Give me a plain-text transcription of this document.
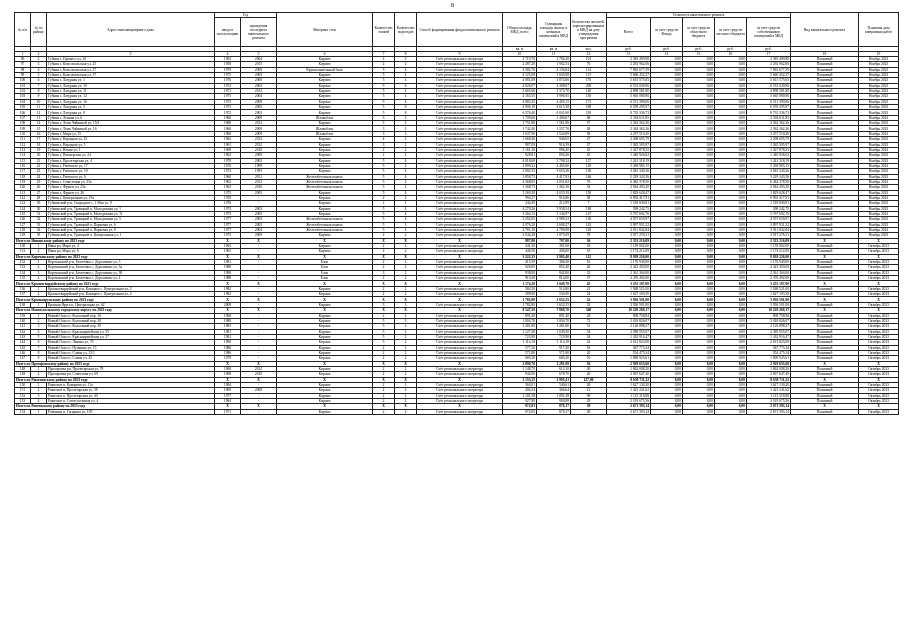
8
№ п/п	№ по району	Адрес многоквартирного дома	Год		Материал стен	Количество этажей	Количество подъездов	Способ формирования фонда капитального ремонта	Общая площадь МКД, всего	Суммарная площадь жилых и нежилых помещений в МКД	Количество жителей, зарегистрированных в МКД на дату утверждения программы	Стоимость капитального ремонта					Вид капитального ремонта	Плановая дата завершения работ
			ввода в эксплуатацию	проведения последнего капитального ремонта								Всего:	за счет средств Фонда	за счет средств областного бюджета	за счет средств местного бюджета	за счет средств собственников помещений в МКД		
									кв. м	кв. м	чел.	руб.	руб.	руб.	руб.	руб.		
1	2	3	4	5	6	7	8	9	10	11	12	13	14	15	16	17	18	19
96	2	Губкин г, Горького ул, 26	1963	2004	Кирпич	4	3	Счёт регионального оператора	2 719,70	1 784,20	101	2 383 499,88	0,00	0,00	0,00	2 383 499,88	Плановый	Ноябрь 2023
97	3	Губкин г, Комсомольская ул, 25	1958	2015	Кирпич	2	2	Счёт регионального оператора	2 497,28	1 902,53	76	2 292 962,06	0,00	0,00	0,00	2 292 962,06	Плановый	Ноябрь 2023
98	4	Губкин г, Комсомольская ул, 27	1979	2009	Крупнопанельный блок	5	4	Счёт регионального оператора	4 582,76	4 136,84	114	7 965 677,59	0,00	0,00	0,00	7 965 677,59	Плановый	Ноябрь 2023
99	5	Губкин г, Комсомольская ул, 37	1975	2003	Кирпич	5	4	Счёт регионального оператора	4 125,08	3 845,88	115	5 660 452,37	0,00	0,00	0,00	5 660 452,37	Плановый	Ноябрь 2023
100	6	Губкин г, Лазурная ул, 1	1976	2000	Кирпич	5	4	Счёт регионального оператора	4 081,08	3 874,60	170	5 615 575,05	0,00	0,00	0,00	5 615 575,05	Плановый	Ноябрь 2023
101	7	Губкин г, Лазурная ул, 10	1972	2002	Кирпич	5	6	Счёт регионального оператора	4 826,97	4 308,07	200	6 533 049,96	0,00	0,00	0,00	6 533 049,96	Плановый	Ноябрь 2023
102	8	Губкин г, Лазурная ул, 11	1971	2012	Кирпич	5	4	Счёт регионального оператора	3 665,60	3 374,70	140	4 898 581,80	0,00	0,00	0,00	4 898 581,80	Плановый	Ноябрь 2023
103	9	Губкин г, Лазурная ул, 12	1975	2004	Кирпич	5	4	Счёт регионального оператора	4 165,55	3 996,95	130	5 665 080,90	0,00	0,00	0,00	5 665 080,90	Плановый	Ноябрь 2023
104	10	Губкин г, Лазурная ул, 16	1973	2009	Кирпич	5	4	Счёт регионального оператора	4 883,25	4 405,15	172	6 511 399,06	0,00	0,00	0,00	6 511 399,06	Плановый	Ноябрь 2023
105	11	Губкин г, Лазурная ул, 3	1975	2005	Кирпич	5	6	Счёт регионального оператора	4 906,18	4 615,38	188	6 559 295,97	0,00	0,00	0,00	6 559 295,97	Плановый	Ноябрь 2023
106	12	Губкин г, Лазурная ул, 8	1972	2003	Кирпич	5	8	Счёт регионального оператора	6 576,40	6 041,60	218	8 735 336,73	0,00	0,00	0,00	8 735 336,73	Плановый	Ноябрь 2023
107	13	Губкин г, Ленина ул, 6	1960	2009	Шлакоблок	3	2	Счёт регионального оператора	1 709,60	1 400,67	68	2 304 611,85	0,00	0,00	0,00	2 304 611,85	Плановый	Ноябрь 2023
108	14	Губкин г, Лени Чайкиной ул, 15/4	1960	2012	Кирпич	3	2	Счёт регионального оператора	1 751,86	1 561,86	57	2 362 362,26	0,00	0,00	0,00	2 362 362,26	Плановый	Ноябрь 2023
109	15	Губкин г, Лени Чайкиной ул, 16	1960	2009	Шлакоблок	3	2	Счёт регионального оператора	1 742,40	1 557,70	38	2 362 362,26	0,00	0,00	0,00	2 362 362,26	Плановый	Ноябрь 2023
110	16	Губкин г, Мира ул, 15	1960	2009	Шлакоблок	3	3	Счёт регионального оператора	1 637,90	1 524,89	58	2 257 510,20	0,00	0,00	0,00	2 257 510,20	Плановый	Ноябрь 2023
111	17	Губкин г, Народная ул, 25	1962	2012	Кирпич	4	2	Счёт регионального оператора	1 668,46	946,65	47	2 208 695,79	0,00	0,00	0,00	2 208 695,79	Плановый	Ноябрь 2023
112	18	Губкин г, Народная ул, 3	1961	2012	Кирпич	3	2	Счёт регионального оператора	987,09	916,39	47	1 365 395,97	0,00	0,00	0,00	1 365 395,97	Плановый	Ноябрь 2023
113	19	Губкин г, Немая ул, 1	1969	2010	Кирпич	2	2	Счёт регионального оператора	1 161,16	996,20	45	1 327 878,35	0,00	0,00	0,00	1 327 878,35	Плановый	Ноябрь 2023
114	20	Губкин г, Пионерская ул, 24	1963	2009	Кирпич	2	2	Счёт регионального оператора	928,81	856,26	45	1 440 926,62	0,00	0,00	0,00	1 440 926,62	Плановый	Ноябрь 2023
115	21	Губкин г, Пролетарская ул, 4	1978	2003	Кирпич	5	4	Счёт регионального оператора	4 018,68	3 798,32	137	1 241 318,19	0,00	0,00	0,00	1 241 318,19	Плановый	Ноябрь 2023
116	22	Губкин г, Раевского ул, 17	1976	1999	Кирпич	5	2	Счёт регионального оператора	2 809,22	2 465,60	129	5 458 983,15	0,00	0,00	0,00	5 458 983,15	Плановый	Ноябрь 2023
117	23	Губкин г, Раевского ул, 19	1974	1995	Кирпич	5	4	Счёт регионального оператора	3 802,53	3 653,36	130	3 045 340,26	0,00	0,00	0,00	3 045 340,26	Плановый	Ноябрь 2023
118	24	Губкин г, Раевского ул, 6	1960	2011	Железобетонная панель	5	4	Счёт регионального оператора	3 858,75	4 417,93	146	5 229 343,56	0,00	0,00	0,00	5 229 343,56	Плановый	Ноябрь 2023
119	25	Губкин г, Севастьяна ул, 23а	1962	2012	Железобетонная панель	5	2	Счёт регионального оператора	2 368,85	2 031,82	76	6 482 378,50	0,00	0,00	0,00	6 482 378,50	Плановый	Ноябрь 2023
120	26	Губкин г, Фрунзе ул, 23а	1963	2010	Железобетонная панель	3	2	Счёт регионального оператора	1 368,75	1 362,36	54	2 944 493,20	0,00	0,00	0,00	2 944 493,20	Плановый	Ноябрь 2023
121	27	Губкин г, Фрунзе ул, 26	1975	2005	Кирпич	5	4	Счёт регионального оператора	3 269,30	4 035,39	150	1 829 628,47	0,00	0,00	0,00	1 829 628,47	Плановый	Ноябрь 2023
122	28	Губкин г, Центральная ул, 19а	1976	-	Кирпич	2	2	Счёт регионального оператора	994,27	916,86	38	6 992 417,91	0,00	0,00	0,00	6 992 417,91	Плановый	Ноябрь 2023
123	29	Губкинский р-н, Скородное с, 1 Мая ул, 9	1976	-	Кирпич	2	1	Счёт регионального оператора	244,49	212,99	7	1 518 849,81	0,00	0,00	0,00	1 518 849,81	Плановый	Ноябрь 2023
124	30	Губкинский р-н, Троицкий п, Молодежная ул, 1	1973	2003	Кирпич	5	4	Счёт регионального оператора	4 270,26	3 938,54	180	398 242,75	0,00	0,00	0,00	398 242,75	Плановый	Ноябрь 2023
125	31	Губкинский р-н, Троицкий п, Молодежная ул, 11	1975	2005	Кирпич	5	4	Счёт регионального оператора	3 264,12	3 144,97	147	5 767 692,76	0,00	0,00	0,00	5 767 692,76	Плановый	Ноябрь 2023
126	32	Губкинский р-н, Троицкий п, Молодежная ул, 5	1977	2003	Железобетонная панель	5	4	Счёт регионального оператора	3 292,85	2 989,23	130	4 557 659,97	0,00	0,00	0,00	4 557 659,97	Плановый	Ноябрь 2023
127	33	Губкинский р-н, Троицкий п, Парковая ул, 6	1977	2003	Железобетонная панель	5	3	Счёт регионального оператора	2 976,20	2 698,27	143	3 897 931,32	0,00	0,00	0,00	3 897 931,32	Плановый	Ноябрь 2023
128	34	Губкинский р-н, Троицкий п, Парковая ул, 8	1977	2004	Железобетонная панель	5	4	Счёт регионального оператора	2 781,16	2 799,08	128	3 911 842,84	0,00	0,00	0,00	3 911 842,84	Плановый	Ноябрь 2023
129	35	Губкинский р-н, Троицкий п, Центральная ул, 1	1975	2009	Кирпич	2	2	Счёт регионального оператора	2 044,28	1 875,09	78	3 917 276,31	0,00	0,00	0,00	3 917 276,31	Плановый	Ноябрь 2023
Итого по Ивнянскому району по 2023 году			X	X	X	X	X	X	887,80	797,00	36	2 333 216,09	0,00	0,00	0,00	2 333 216,09	X	X
130	1	Ивня рп, Мира ул, 4	1963	-	Кирпич	2	2	Счёт регионального оператора	441,30	391,00	18	1 159 002,00	0,00	0,00	0,00	1 159 002,00	Плановый	Октябрь 2023
131	2	Ивня рп, Мира ул, 6	1963	-	Кирпич	2	2	Счёт регионального оператора	446,50	406,00	18	1 174 212,09	0,00	0,00	0,00	1 174 212,09	Плановый	Октябрь 2023
Итого по Корочанскому району по 2023 году			X	X	X	X	X	X	3 222,35	2 905,40	112	8 039 226,00	0,00	0,00	0,00	8 039 226,00	X	X
132	1	Корочанский р-н, Бехтеевка с, Дорошенко ул, 3	1981	-	Блок	2	2	Счёт регионального оператора	415,59	386,50	16	1 176 949,00	0,00	0,00	0,00	1 176 949,00	Плановый	Октябрь 2023
133	2	Корочанский р-н, Бехтеевка с, Дорошенко ул, 3а	1988	-	Блок	2	2	Счёт регионального оператора	926,85	852,40	26	2 423 450,00	0,00	0,00	0,00	2 423 450,00	Плановый	Октябрь 2023
134	3	Корочанский р-н, Бехтеевка с, Дорошенко ул, 38	1990	-	Блок	3	2	Счёт регионального оператора	938,00	842,00	33	2 361 364,00	0,00	0,00	0,00	2 361 364,00	Плановый	Октябрь 2023
135	4	Корочанский р-н, Бехтеевка с, Дорошенко ул, 4	1988	-	Блок	2	2	Счёт регионального оператора	910,20	814,00	37	2 476 492,00	0,00	0,00	0,00	2 476 492,00	Плановый	Октябрь 2023
Итого по Красногвардейскому району по 2023 году			X	X	X	X	X	X	1 174,20	1 049,70	45	3 255 187,00	0,00	0,00	0,00	3 255 187,00	X	X
136	1	Красногвардейский р-н, Казацкое с, Центральная ул, 2	1982	-	Кирпич	2	2	Счёт регионального оператора	584,30	514,80	21	1 568 521,00	0,00	0,00	0,00	1 568 521,00	Плановый	Октябрь 2023
137	2	Красногвардейский р-н, Казацкое с, Центральная ул, 4	1982	-	Кирпич	2	2	Счёт регионального оператора	589,90	534,90	24	1 627 103,50	0,00	0,00	0,00	1 627 103,50	Плановый	Октябрь 2023
Итого по Краснояружскому району по 2023 году			X	X	X	X	X	X	1 782,80	1 652,55	52	3 936 501,00	0,00	0,00	0,00	3 936 501,00	X	X
138	1	Красная Яруга п, Центральная ул, 62	2008	-	Кирпич	3	3	Счёт регионального оператора	1 782,80	1 652,55	52	3 936 501,00	0,00	0,00	0,00	3 936 501,00	Плановый	Октябрь 2023
Итого по Новооскольскому городскому округу по 2023 году			X	X	X	X	X	X	8 547,59	7 868,70	340	10 220 269,17	0,00	0,00	0,00	10 220 269,17	X	X
139	1	Новый Оскол г, Колхозный пер, 16	1960	-	Кирпич	2	2	Счёт регионального оператора	891,40	891,40	28	908 758,84	0,00	0,00	0,00	908 758,84	Плановый	Октябрь 2023
140	2	Новый Оскол г, Колхозный пер, 28	1980	-	Кирпич	5	3	Счёт регионального оператора	1 804,70	1 804,70	72	3 018 826,07	0,00	0,00	0,00	3 018 826,07	Плановый	Октябрь 2023
141	3	Новый Оскол г, Колхозный пер, 30	1983	-	Кирпич	5	2	Счёт регионального оператора	1 281,80	1 281,80	51	2 126 898,27	0,00	0,00	0,00	2 126 898,27	Плановый	Октябрь 2023
142	4	Новый Оскол г, Красноармейская ул, 35	1981	-	Кирпич	5	2	Счёт регионального оператора	1 127,40	1 049,30	54	2 389 955,07	0,00	0,00	0,00	2 389 955,07	Плановый	Октябрь 2023
143	5	Новый Оскол г, Красноармейская ул, 37	1981	-	Кирпич	5	2	Счёт регионального оператора	723,90	723,90	34	1 432 916,47	0,00	0,00	0,00	1 432 916,47	Плановый	Октябрь 2023
144	6	Новый Оскол г, Ленина ул, 70	1990	-	Кирпич	5	2	Счёт регионального оператора	1 114,18	1 114,18	42	2 613 823,00	0,00	0,00	0,00	2 613 823,00	Плановый	Октябрь 2023
145	7	Новый Оскол г, Пушкина ул, 15	1986	-	Кирпич	2	2	Счёт регионального оператора	577,20	517,20	18	367 773,34	0,00	0,00	0,00	367 773,34	Плановый	Октябрь 2023
146	8	Новый Оскол г, Славы ул, 13/1	1986	-	Кирпич	2	2	Счёт регионального оператора	571,80	571,80	20	554 475,34	0,00	0,00	0,00	554 475,34	Плановый	Октябрь 2023
147	9	Новый Оскол г, Славы ул, 45	1979	-	Кирпич	2	2	Счёт регионального оператора	683,20	683,20	16	1 809 925,61	0,00	0,00	0,00	1 809 925,61	Плановый	Октябрь 2023
Итого по Прохоровскому району по 2023 году			X	X	X	X	X	X	2 890,70	1 291,00	56	2 929 655,60	0,00	0,00	0,00	2 929 655,60	X	X
148	1	Прохоровка рп, Пролетарская ул, 78	1968	2012	Кирпич	2	2	Счёт регионального оператора	1 148,70	612,10	30	1 862 008,20	0,00	0,00	0,00	1 862 008,20	Плановый	Октябрь 2023
149	2	Прохоровка рп, Советская ул, 69	1968	2010	Кирпич	2	2	Счёт регионального оператора	942,00	678,70	26	2 067 647,40	0,00	0,00	0,00	2 067 647,40	Плановый	Октябрь 2023
Итого по Ракитянскому району по 2023 году			X	X	X	X	X	X	3 153,25	2 995,41	127,00	8 650 711,22	0,00	0,00	0,00	8 650 711,22	X	X
150	1	Ракитное п, Комарова ул, 11а	1984	-	Кирпич	2	1	Счёт регионального оператора	564,01	540,61	26	1 627 130,20	0,00	0,00	0,00	1 627 130,20	Плановый	Октябрь 2023
151	2	Ракитное п, Пролетарская ул, 38	1969	2009	Кирпич	2	2	Счёт регионального оператора	404,34	366,64	12	1 423 241,62	0,00	0,00	0,00	1 423 241,62	Плановый	Октябрь 2023
152	3	Ракитное п, Пролетарская ул, 40	1977	-	Кирпич	2	2	Счёт регионального оператора	1 101,38	1 091,38	38	1 115 318,88	0,00	0,00	0,00	1 115 318,88	Плановый	Октябрь 2023
153	4	Ракитное п, Союзсоставная ул, 4	1984	-	Кирпич	2	2	Счёт регионального оператора	927,88	900,88	29	3 519 675,56	0,00	0,00	0,00	3 519 675,56	Плановый	Октябрь 2023
Итого по Ровеньскому району по 2023 году			X	X	X	X	X	X	972,83	870,17	30	2 671 393,14	0,00	0,00	0,00	2 671 393,14	X	X
154	1	Ровеньки п, Гагарина ул, 159	1971	-	Кирпич	2	2	Счёт регионального оператора	972,83	870,17	30	2 671 393,14	0,00	0,00	0,00	2 671 393,14	Плановый	Октябрь 2023
